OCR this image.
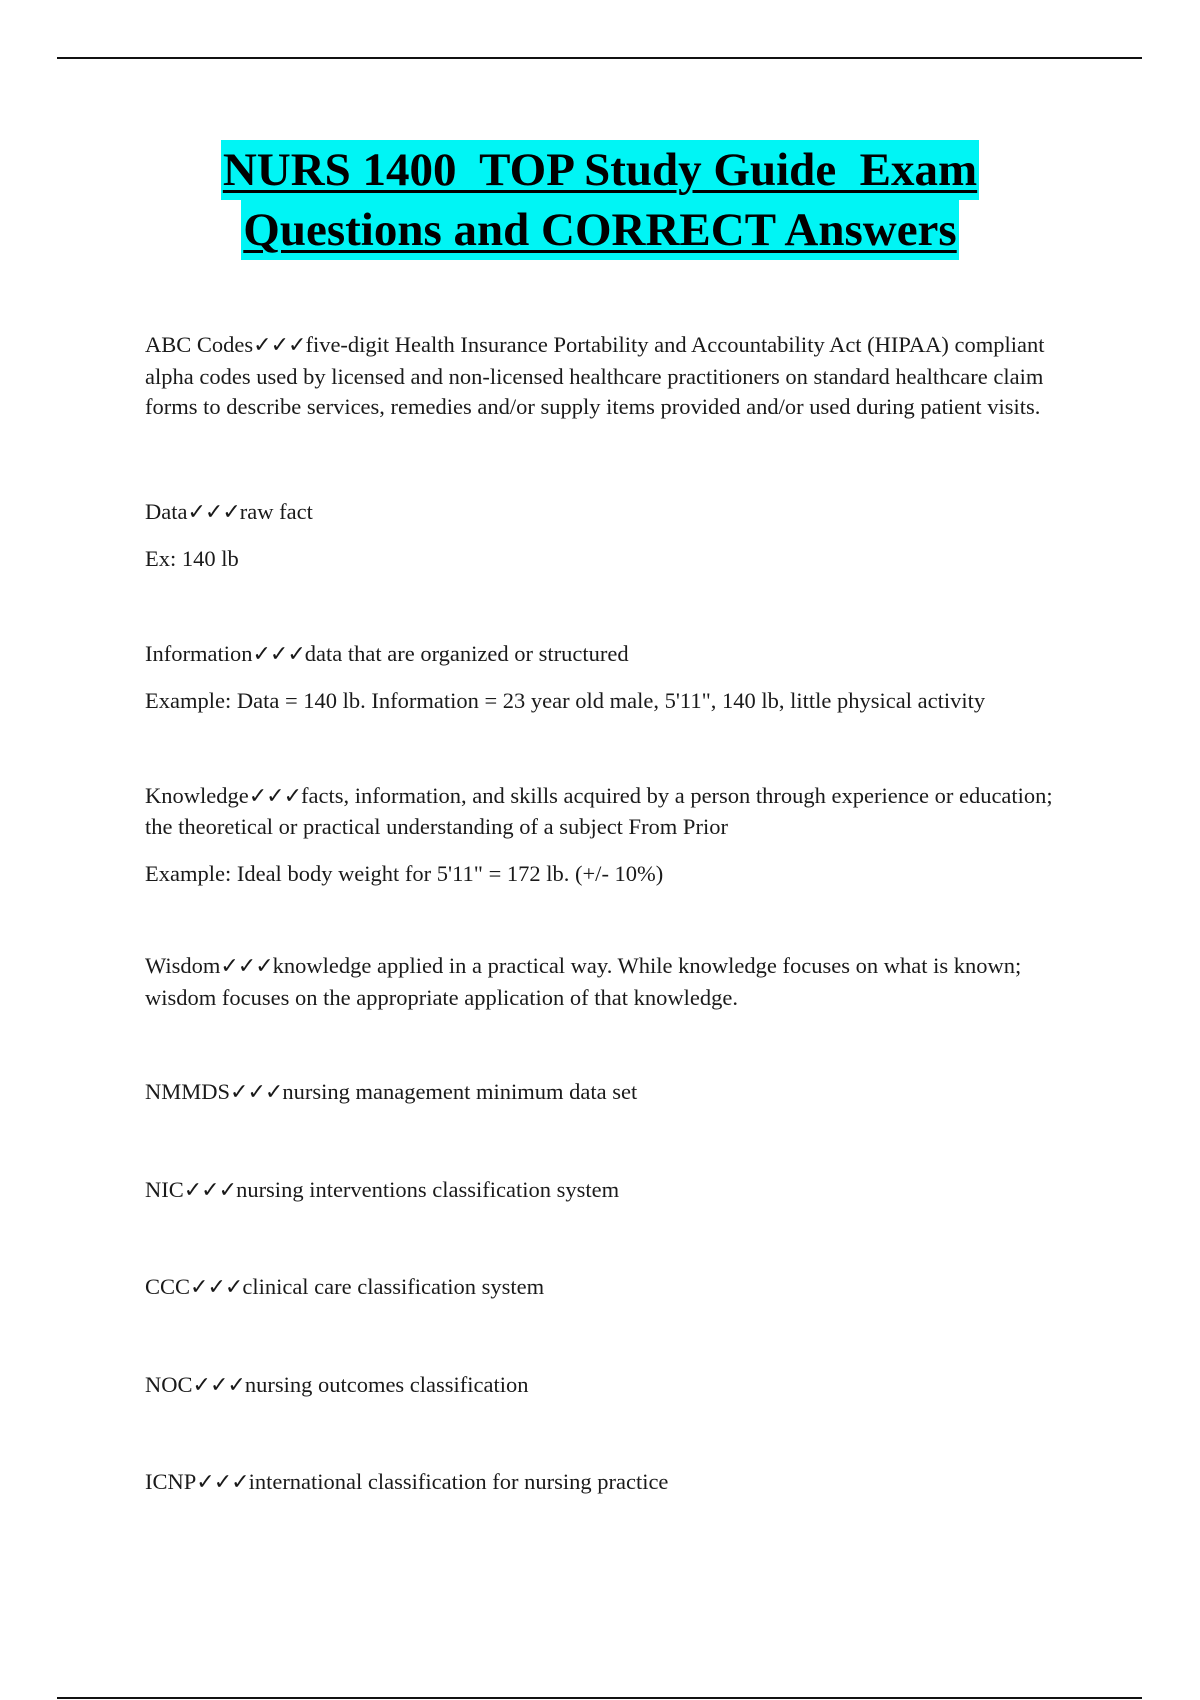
NURS 1400  TOP Study Guide  Exam
Questions and CORRECT Answers

ABC Codes✓✓✓five-digit Health Insurance Portability and Accountability Act (HIPAA) compliant alpha codes used by licensed and non-licensed healthcare practitioners on standard healthcare claim forms to describe services, remedies and/or supply items provided and/or used during patient visits.

Data✓✓✓raw fact

Ex: 140 lb

Information✓✓✓data that are organized or structured

Example: Data = 140 lb. Information = 23 year old male, 5'11", 140 lb, little physical activity

Knowledge✓✓✓facts, information, and skills acquired by a person through experience or education; the theoretical or practical understanding of a subject From Prior

Example: Ideal body weight for 5'11" = 172 lb. (+/- 10%)

Wisdom✓✓✓knowledge applied in a practical way. While knowledge focuses on what is known; wisdom focuses on the appropriate application of that knowledge.

NMMDS✓✓✓nursing management minimum data set

NIC✓✓✓nursing interventions classification system

CCC✓✓✓clinical care classification system

NOC✓✓✓nursing outcomes classification

ICNP✓✓✓international classification for nursing practice
